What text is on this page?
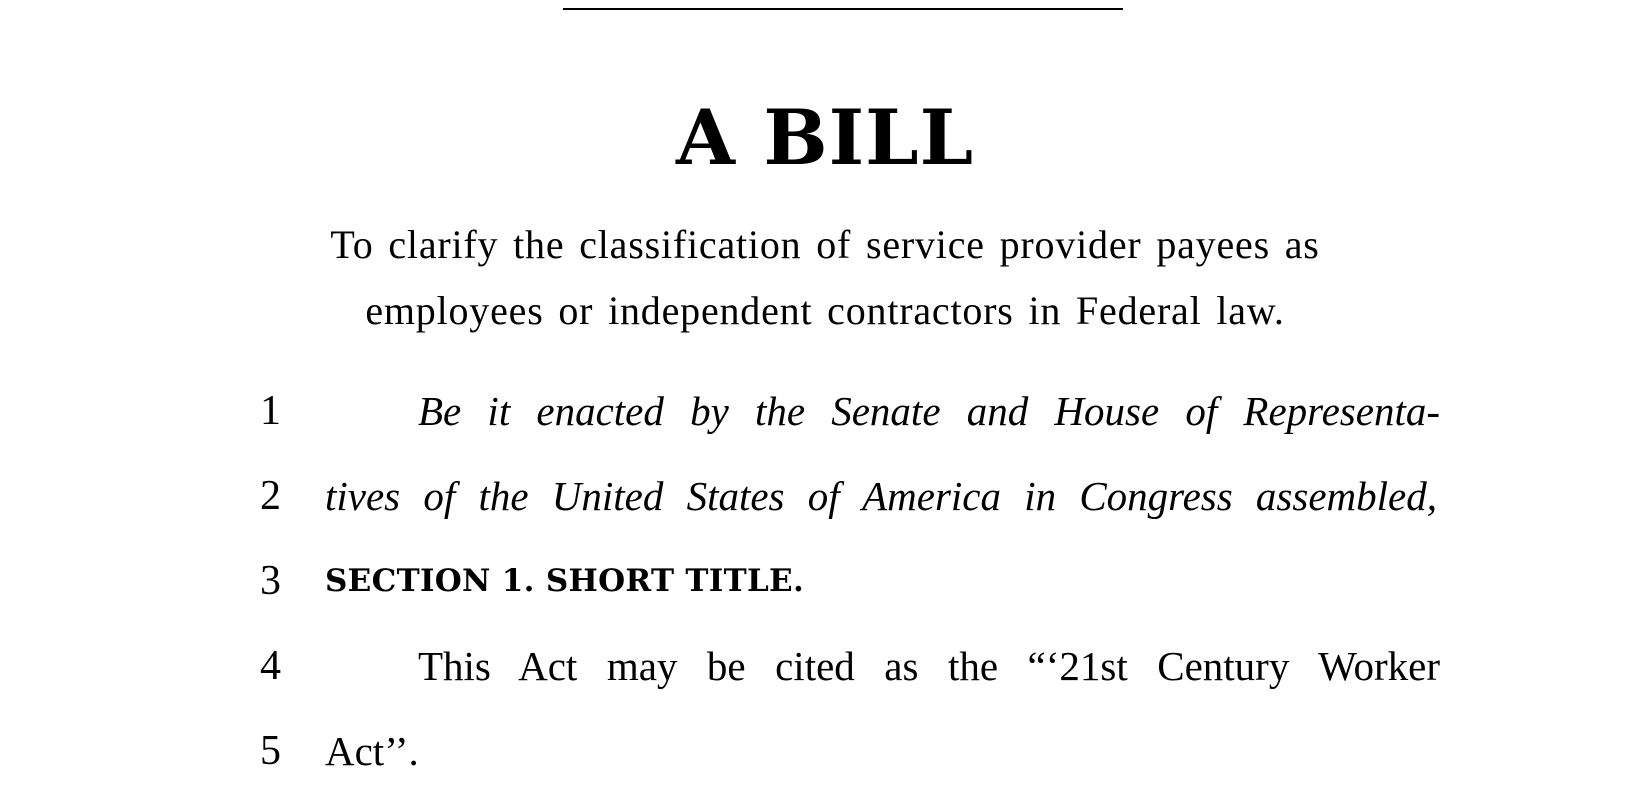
A BILL
To clarify the classification of service provider payees as
employees or independent contractors in Federal law.
1	Be it enacted by the Senate and House of Representa-
2	tives of the United States of America in Congress assembled,
3	SECTION 1. SHORT TITLE.
4	This Act may be cited as the “‘21st Century Worker
5	Act’’.
